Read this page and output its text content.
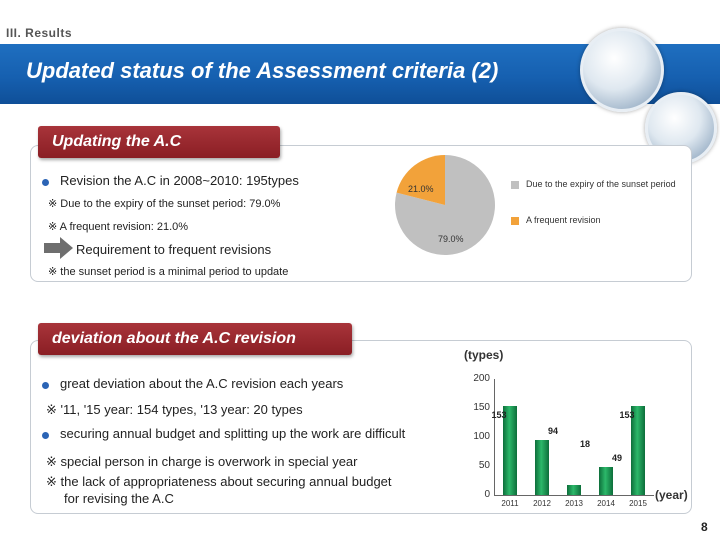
III. Results
Updated status of the Assessment criteria (2)
Updating the A.C
Revision the A.C in 2008~2010: 195types
※ Due to the expiry of the sunset period: 79.0%
※ A frequent revision: 21.0%
Requirement to frequent revisions
※ the sunset period is a minimal period to update
21.0%
79.0%
Due to the expiry of the sunset period
A frequent revision
deviation about the A.C revision
great deviation about the A.C revision each years
※ '11, '15 year: 154 types, '13 year: 20 types
securing annual budget and splitting up the work are difficult
※ special person in charge is overwork in special year
※ the lack of appropriateness about securing annual budget
for revising the A.C
(types)
(year)
0
50
100
150
200
153
2011
94
2012
18
2013
49
2014
153
2015
8
